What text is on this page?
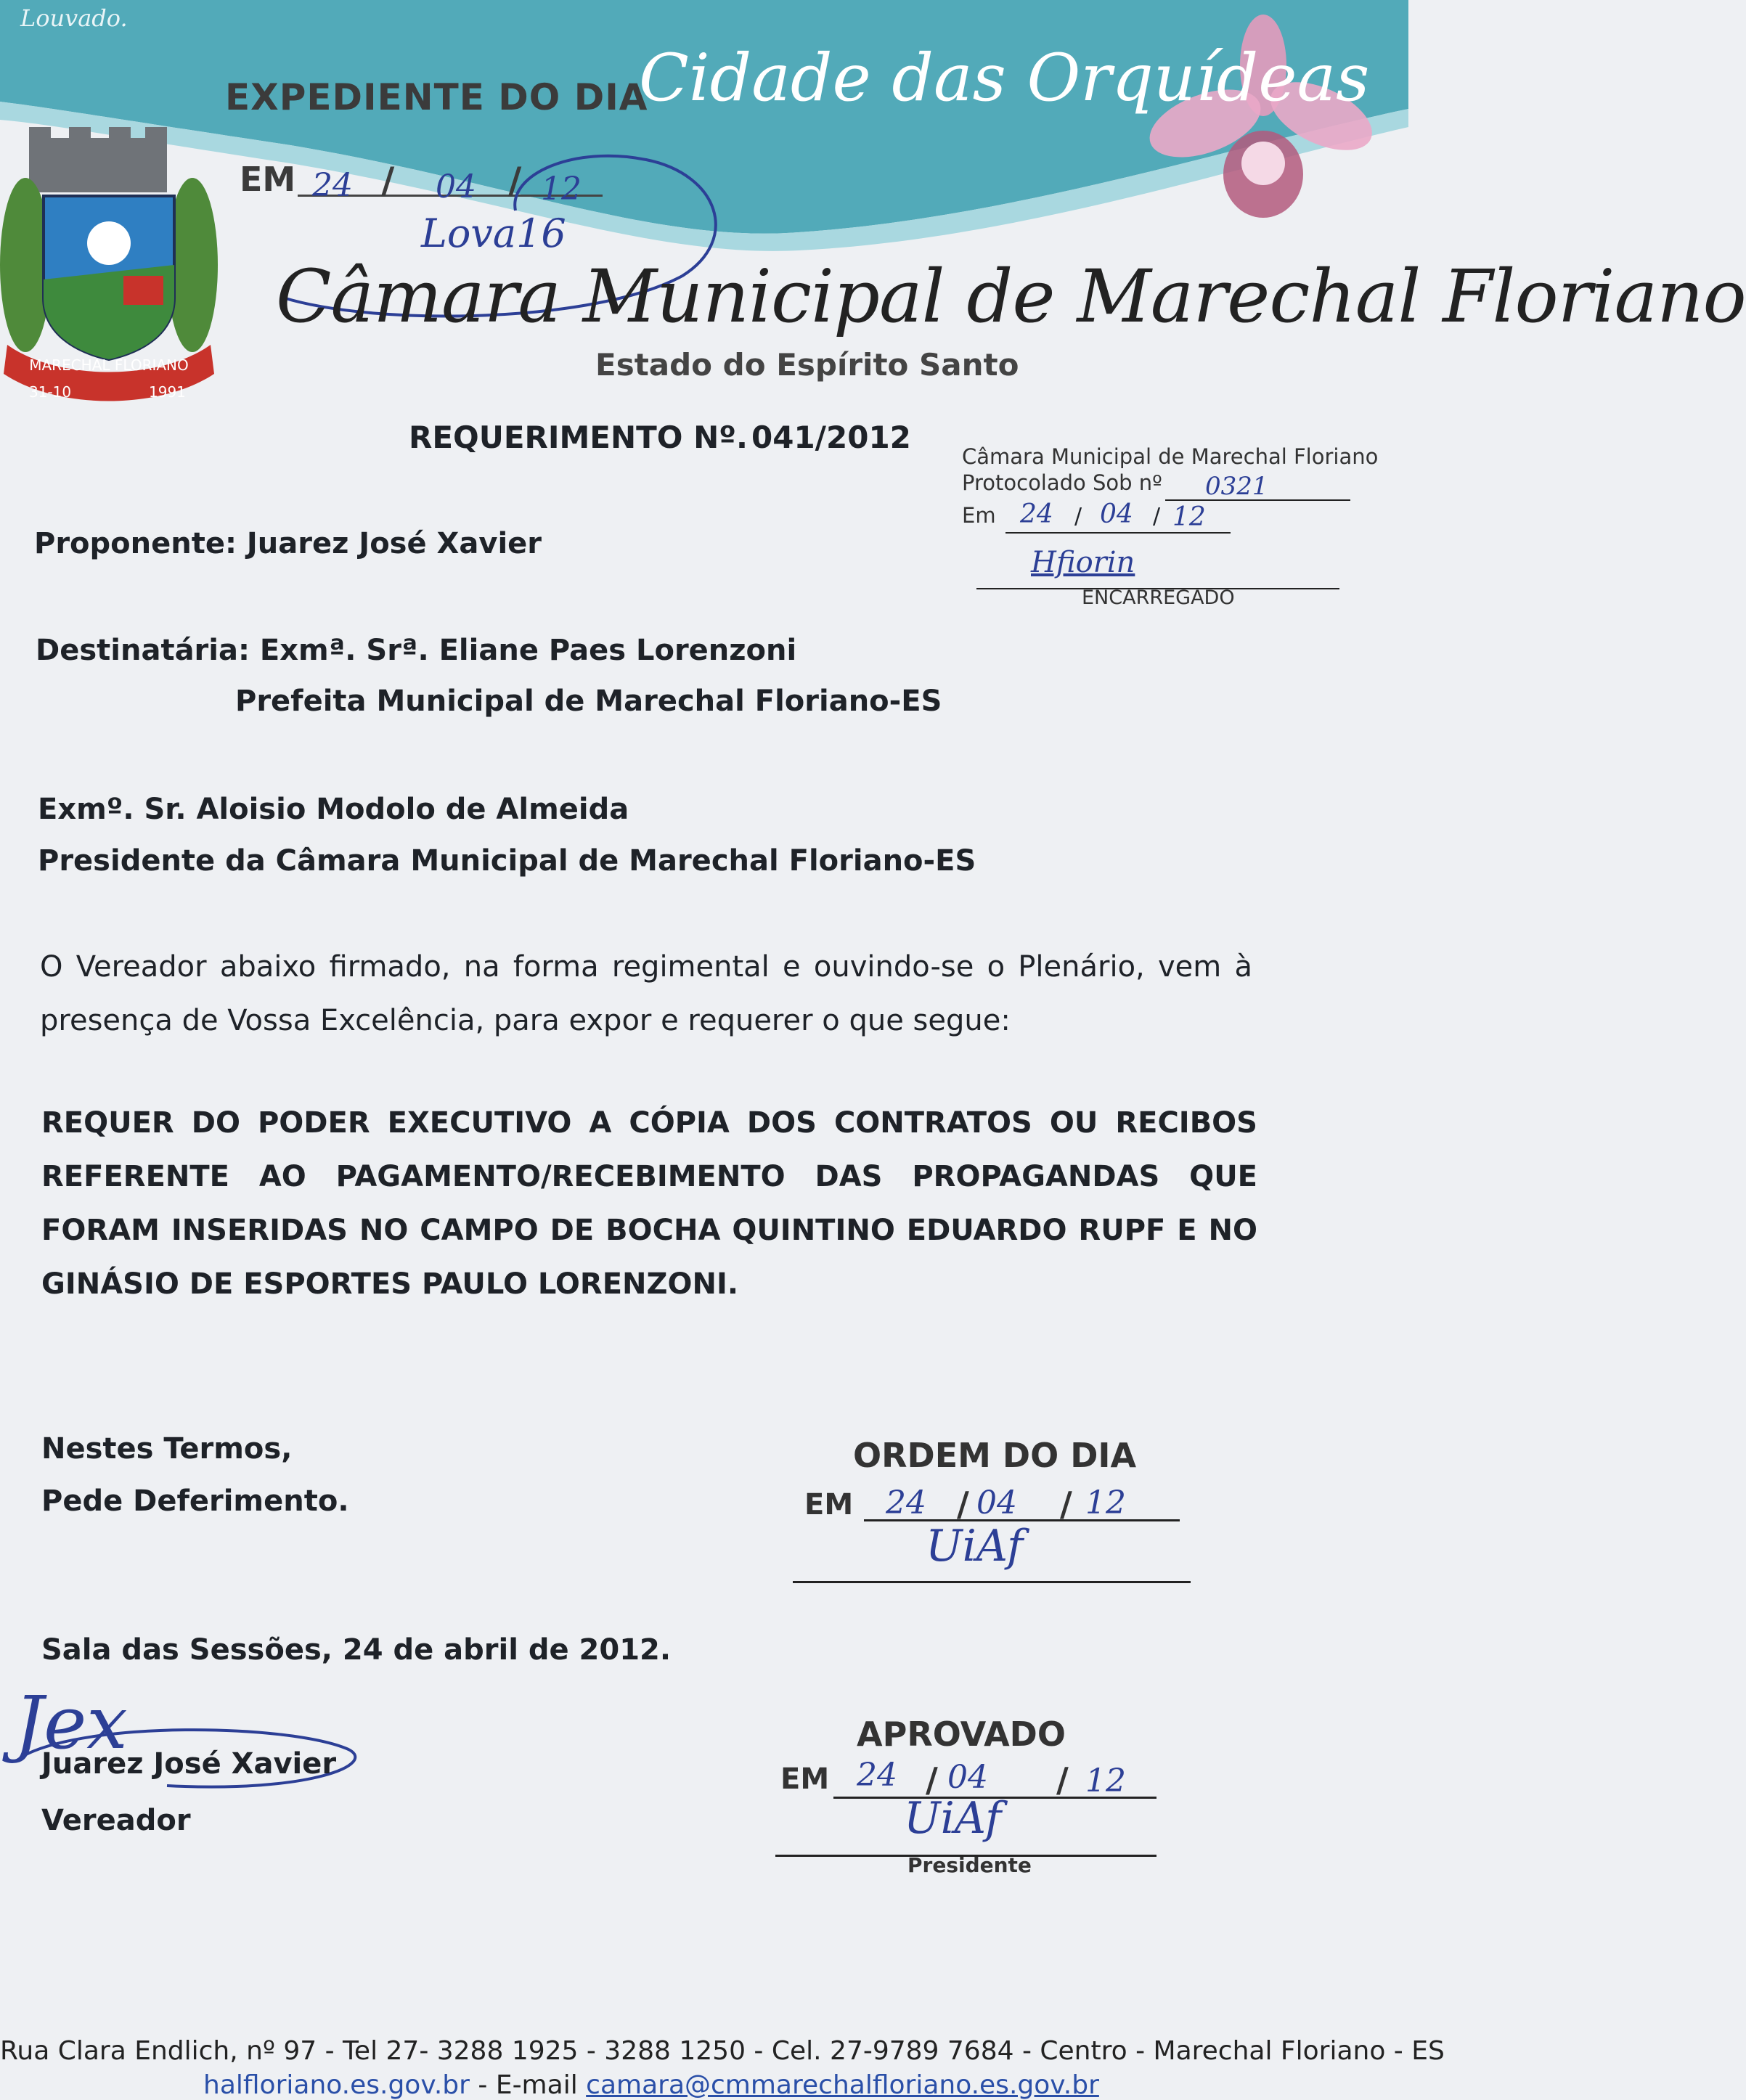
Louvado.
Cidade das Orquídeas
MARECHAL FLORIANO
31-10	1991
EXPEDIENTE DO DIA
EM 24 / 04 / 12
Lova16
Câmara Municipal de Marechal Floriano
Estado do Espírito Santo
REQUERIMENTO Nº. 041/2012
Câmara Municipal de Marechal Floriano
Protocolado Sob nº 0321
Em 24 / 04 / 12
Hfiorin
ENCARREGADO
Proponente: Juarez José Xavier
Destinatária: Exmª. Srª. Eliane Paes Lorenzoni
Prefeita Municipal de Marechal Floriano-ES
Exmº. Sr. Aloisio Modolo de Almeida
Presidente da Câmara Municipal de Marechal Floriano-ES
O Vereador abaixo firmado, na forma regimental e ouvindo-se o Plenário, vem à presença de Vossa Excelência, para expor e requerer o que segue:
REQUER DO PODER EXECUTIVO A CÓPIA DOS CONTRATOS OU RECIBOS REFERENTE AO PAGAMENTO/RECEBIMENTO DAS PROPAGANDAS QUE FORAM INSERIDAS NO CAMPO DE BOCHA QUINTINO EDUARDO RUPF E NO GINÁSIO DE ESPORTES PAULO LORENZONI.
Nestes Termos,
Pede Deferimento.
ORDEM DO DIA
EM 24 / 04 / 12
UiAf
Sala das Sessões, 24 de abril de 2012.
Jex
Juarez José Xavier
Vereador
APROVADO
EM 24 / 04 / 12
UiAf
Presidente
Rua Clara Endlich, nº 97 - Tel 27- 3288 1925 - 3288 1250 - Cel. 27-9789 7684 - Centro - Marechal Floriano - ES
halfloriano.es.gov.br - E-mail camara@cmmarechalfloriano.es.gov.br
